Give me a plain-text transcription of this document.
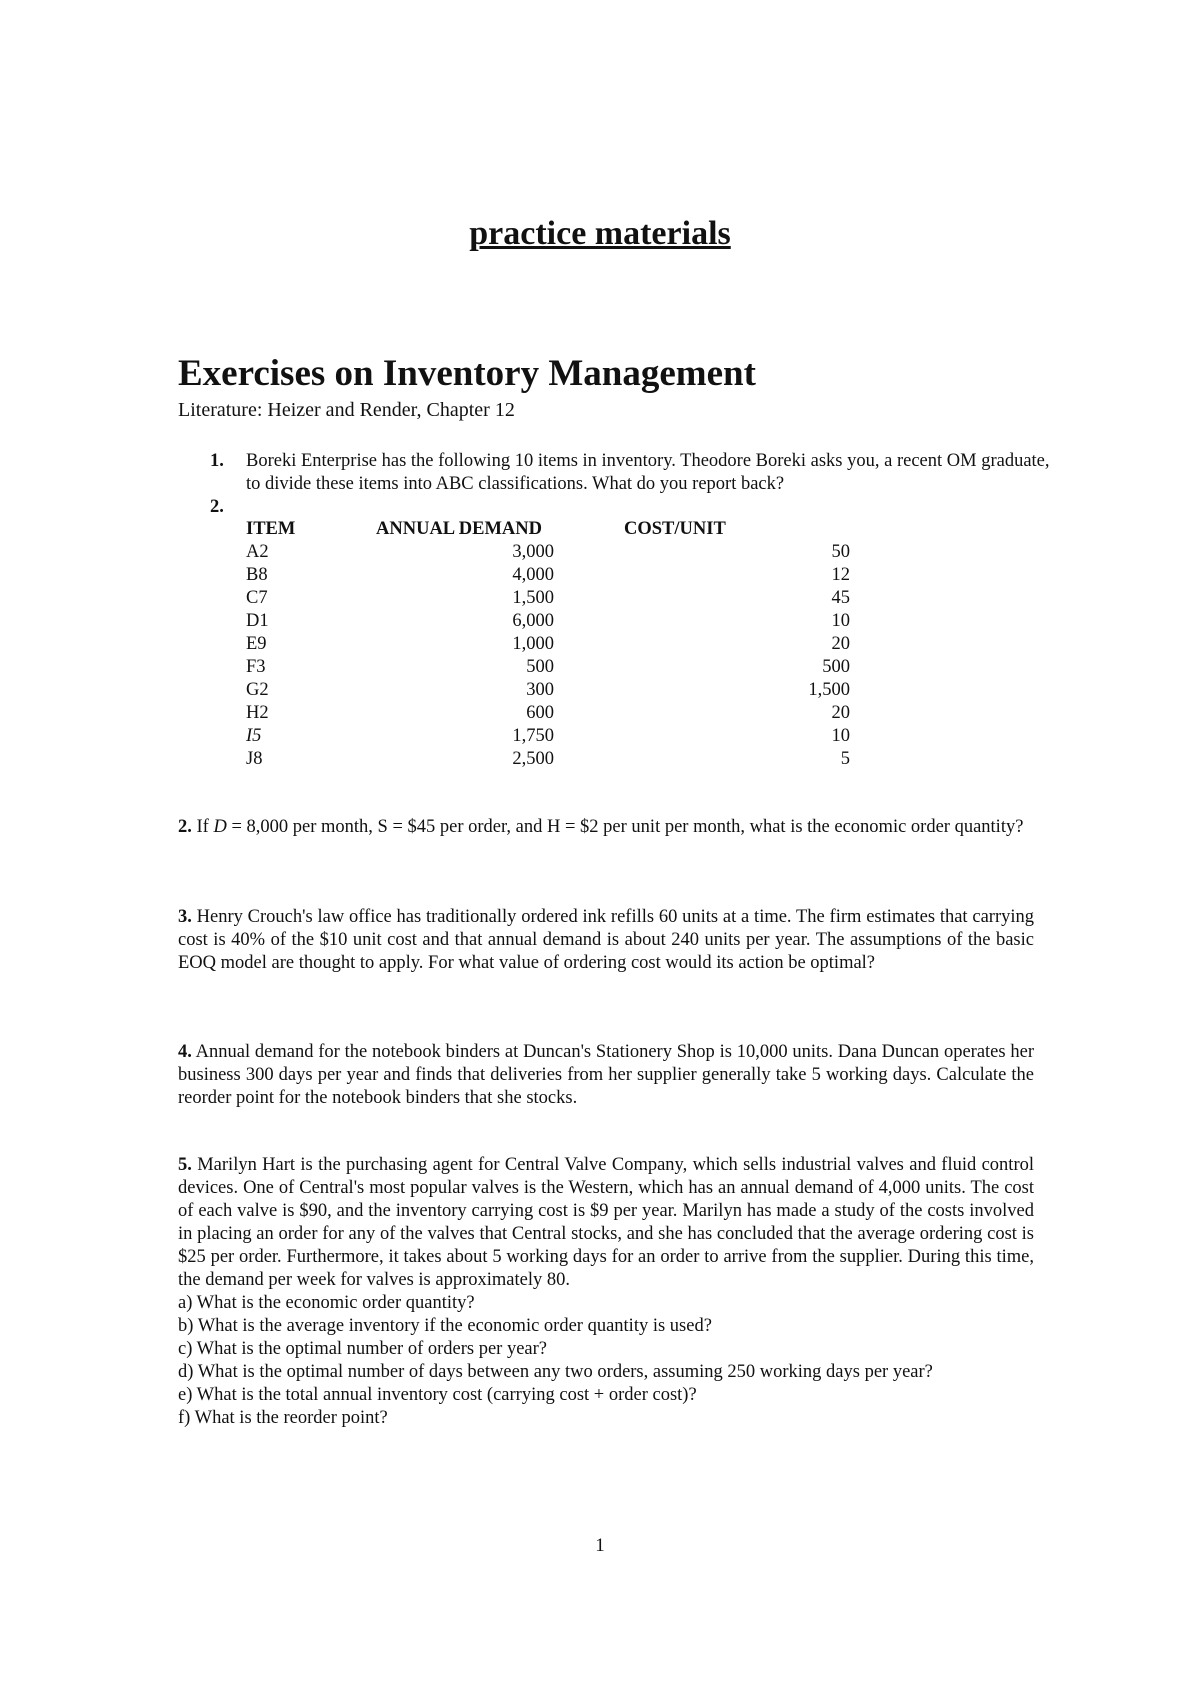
practice materials
Exercises on Inventory Management
Literature: Heizer and Render, Chapter 12
1. Boreki Enterprise has the following 10 items in inventory. Theodore Boreki asks you, a recent OM graduate, to divide these items into ABC classifications. What do you report back?
2.
ITEM	ANNUAL DEMAND	COST/UNIT
A2	3,000	50
B8	4,000	12
C7	1,500	45
D1	6,000	10
E9	1,000	20
F3	500	500
G2	300	1,500
H2	600	20
I5	1,750	10
J8	2,500	5
2. If D = 8,000 per month, S = $45 per order, and H = $2 per unit per month, what is the economic order quantity?
3. Henry Crouch's law office has traditionally ordered ink refills 60 units at a time. The firm estimates that carrying cost is 40% of the $10 unit cost and that annual demand is about 240 units per year. The assumptions of the basic EOQ model are thought to apply. For what value of ordering cost would its action be optimal?
4. Annual demand for the notebook binders at Duncan's Stationery Shop is 10,000 units. Dana Duncan operates her business 300 days per year and finds that deliveries from her supplier generally take 5 working days. Calculate the reorder point for the notebook binders that she stocks.
5. Marilyn Hart is the purchasing agent for Central Valve Company, which sells industrial valves and fluid control devices. One of Central's most popular valves is the Western, which has an annual demand of 4,000 units. The cost of each valve is $90, and the inventory carrying cost is $9 per year. Marilyn has made a study of the costs involved in placing an order for any of the valves that Central stocks, and she has concluded that the average ordering cost is $25 per order. Furthermore, it takes about 5 working days for an order to arrive from the supplier. During this time, the demand per week for valves is approximately 80.
a) What is the economic order quantity?
b) What is the average inventory if the economic order quantity is used?
c) What is the optimal number of orders per year?
d) What is the optimal number of days between any two orders, assuming 250 working days per year?
e) What is the total annual inventory cost (carrying cost + order cost)?
f) What is the reorder point?
1
